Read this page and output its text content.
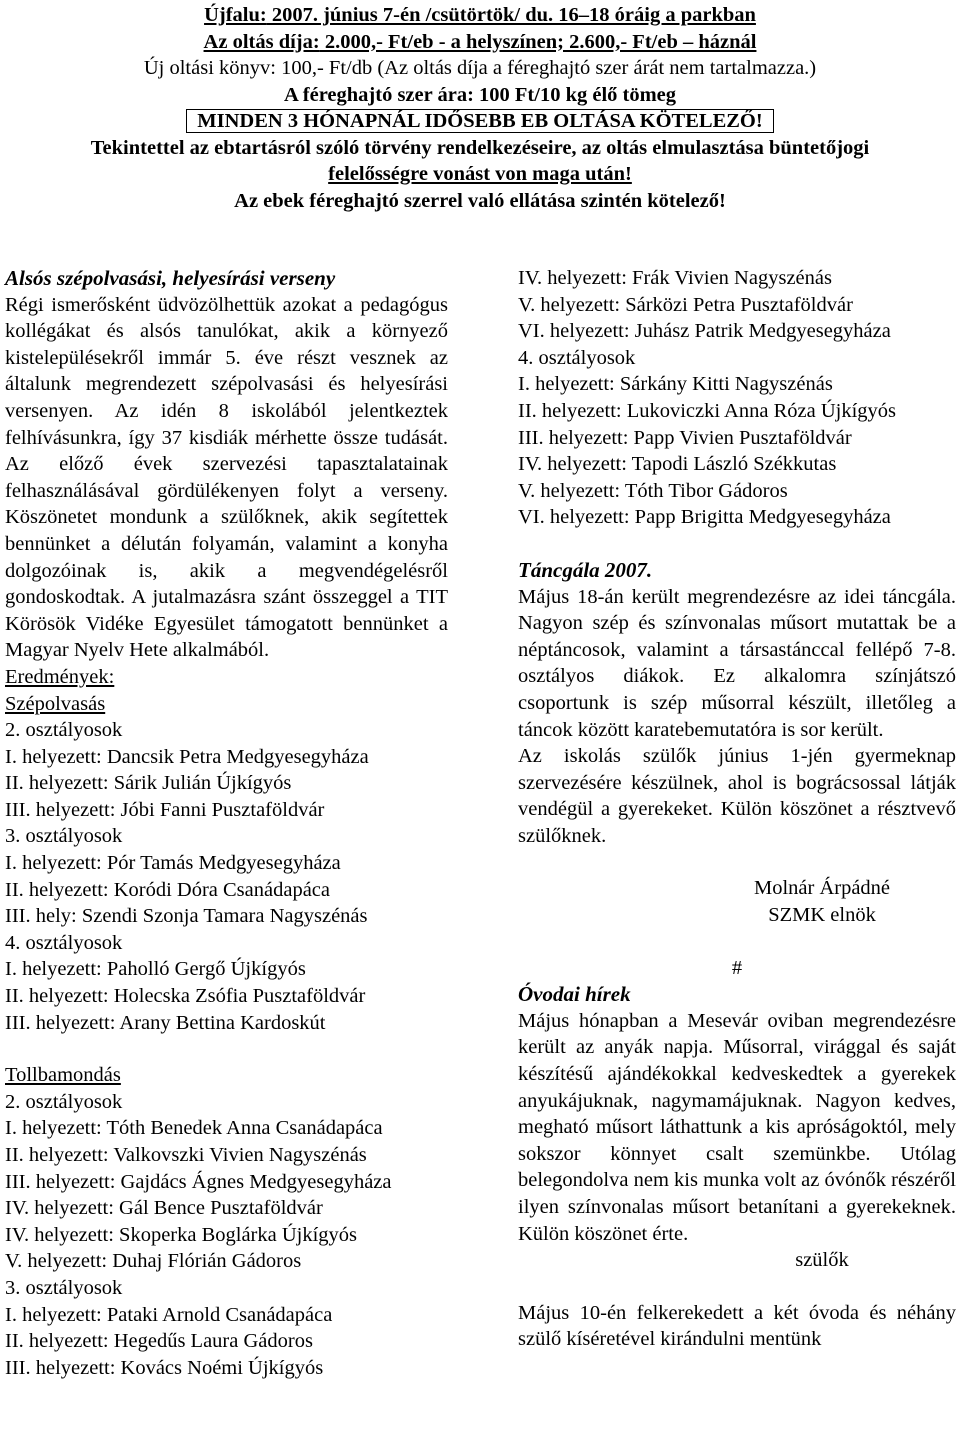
Újfalu: 2007. június 7-én /csütörtök/ du. 16–18 óráig a parkban
Az oltás díja: 2.000,- Ft/eb - a helyszínen; 2.600,- Ft/eb – háznál
Új oltási könyv: 100,- Ft/db (Az oltás díja a féreghajtó szer árát nem tartalmazza.)
A féreghajtó szer ára: 100 Ft/10 kg élő tömeg
MINDEN 3 HÓNAPNÁL IDŐSEBB EB OLTÁSA KÖTELEZŐ!
Tekintettel az ebtartásról szóló törvény rendelkezéseire, az oltás elmulasztása büntetőjogi
felelősségre vonást von maga után!
Az ebek féreghajtó szerrel való ellátása szintén kötelező!

Alsós szépolvasási, helyesírási verseny

Régi ismerősként üdvözölhettük azokat a pedagógus kollégákat és alsós tanulókat, akik a környező kistelepülésekről immár 5. éve részt vesznek az általunk megrendezett szépolvasási és helyesírási versenyen. Az idén 8 iskolából jelentkeztek felhívásunkra, így 37 kisdiák mérhette össze tudását. Az előző évek szervezési tapasztalatainak felhasználásával gördülékenyen folyt a verseny. Köszönetet mondunk a szülőknek, akik segítettek bennünket a délután folyamán, valamint a konyha dolgozóinak is, akik a megvendégelésről gondoskodtak. A jutalmazásra szánt összeggel a TIT Körösök Vidéke Egyesület támogatott bennünket a Magyar Nyelv Hete alkalmából.

Eredmények:

Szépolvasás

2. osztályosok

I. helyezett: Dancsik Petra Medgyesegyháza

II. helyezett: Sárik Julián Újkígyós

III. helyezett: Jóbi Fanni Pusztaföldvár

3. osztályosok

I. helyezett: Pór Tamás Medgyesegyháza

II. helyezett: Koródi Dóra Csanádapáca

III. hely: Szendi Szonja Tamara Nagyszénás

4. osztályosok

I. helyezett: Paholló Gergő Újkígyós

II. helyezett: Holecska Zsófia Pusztaföldvár

III. helyezett: Arany Bettina Kardoskút

Tollbamondás

2. osztályosok

I. helyezett: Tóth Benedek Anna Csanádapáca

II. helyezett: Valkovszki Vivien Nagyszénás

III. helyezett: Gajdács Ágnes Medgyesegyháza

IV. helyezett: Gál Bence Pusztaföldvár

IV. helyezett: Skoperka Boglárka Újkígyós

V. helyezett: Duhaj Flórián Gádoros

3. osztályosok

I. helyezett: Pataki Arnold Csanádapáca

II. helyezett: Hegedűs Laura Gádoros

III. helyezett: Kovács Noémi Újkígyós

IV. helyezett: Frák Vivien Nagyszénás

V. helyezett: Sárközi Petra Pusztaföldvár

VI. helyezett: Juhász Patrik Medgyesegyháza

4. osztályosok

I. helyezett: Sárkány Kitti Nagyszénás

II. helyezett: Lukoviczki Anna Róza Újkígyós

III. helyezett: Papp Vivien Pusztaföldvár

IV. helyezett: Tapodi László Székkutas

V. helyezett: Tóth Tibor Gádoros

VI. helyezett: Papp Brigitta Medgyesegyháza

Táncgála 2007.

Május 18-án került megrendezésre az idei táncgála. Nagyon szép és színvonalas műsort mutattak be a néptáncosok, valamint a társastánccal fellépő 7-8. osztályos diákok. Ez alkalomra színjátszó csoportunk is szép műsorral készült, illetőleg a táncok között karatebemutatóra is sor került.

Az iskolás szülők június 1-jén gyermeknap szervezésére készülnek, ahol is bográcsossal látják vendégül a gyerekeket. Külön köszönet a résztvevő szülőknek.

Molnár Árpádné

SZMK elnök

#

Óvodai hírek

Május hónapban a Mesevár oviban megrendezésre került az anyák napja. Műsorral, virággal és saját készítésű ajándékokkal kedveskedtek a gyerekek anyukájuknak, nagymamájuknak. Nagyon kedves, megható műsort láthattunk a kis apróságoktól, mely sokszor könnyet csalt szemünkbe. Utólag belegondolva nem kis munka volt az óvónők részéről ilyen színvonalas műsort betanítani a gyerekeknek. Külön köszönet érte.

szülők

Május 10-én felkerekedett a két óvoda és néhány szülő kíséretével kirándulni mentünk
